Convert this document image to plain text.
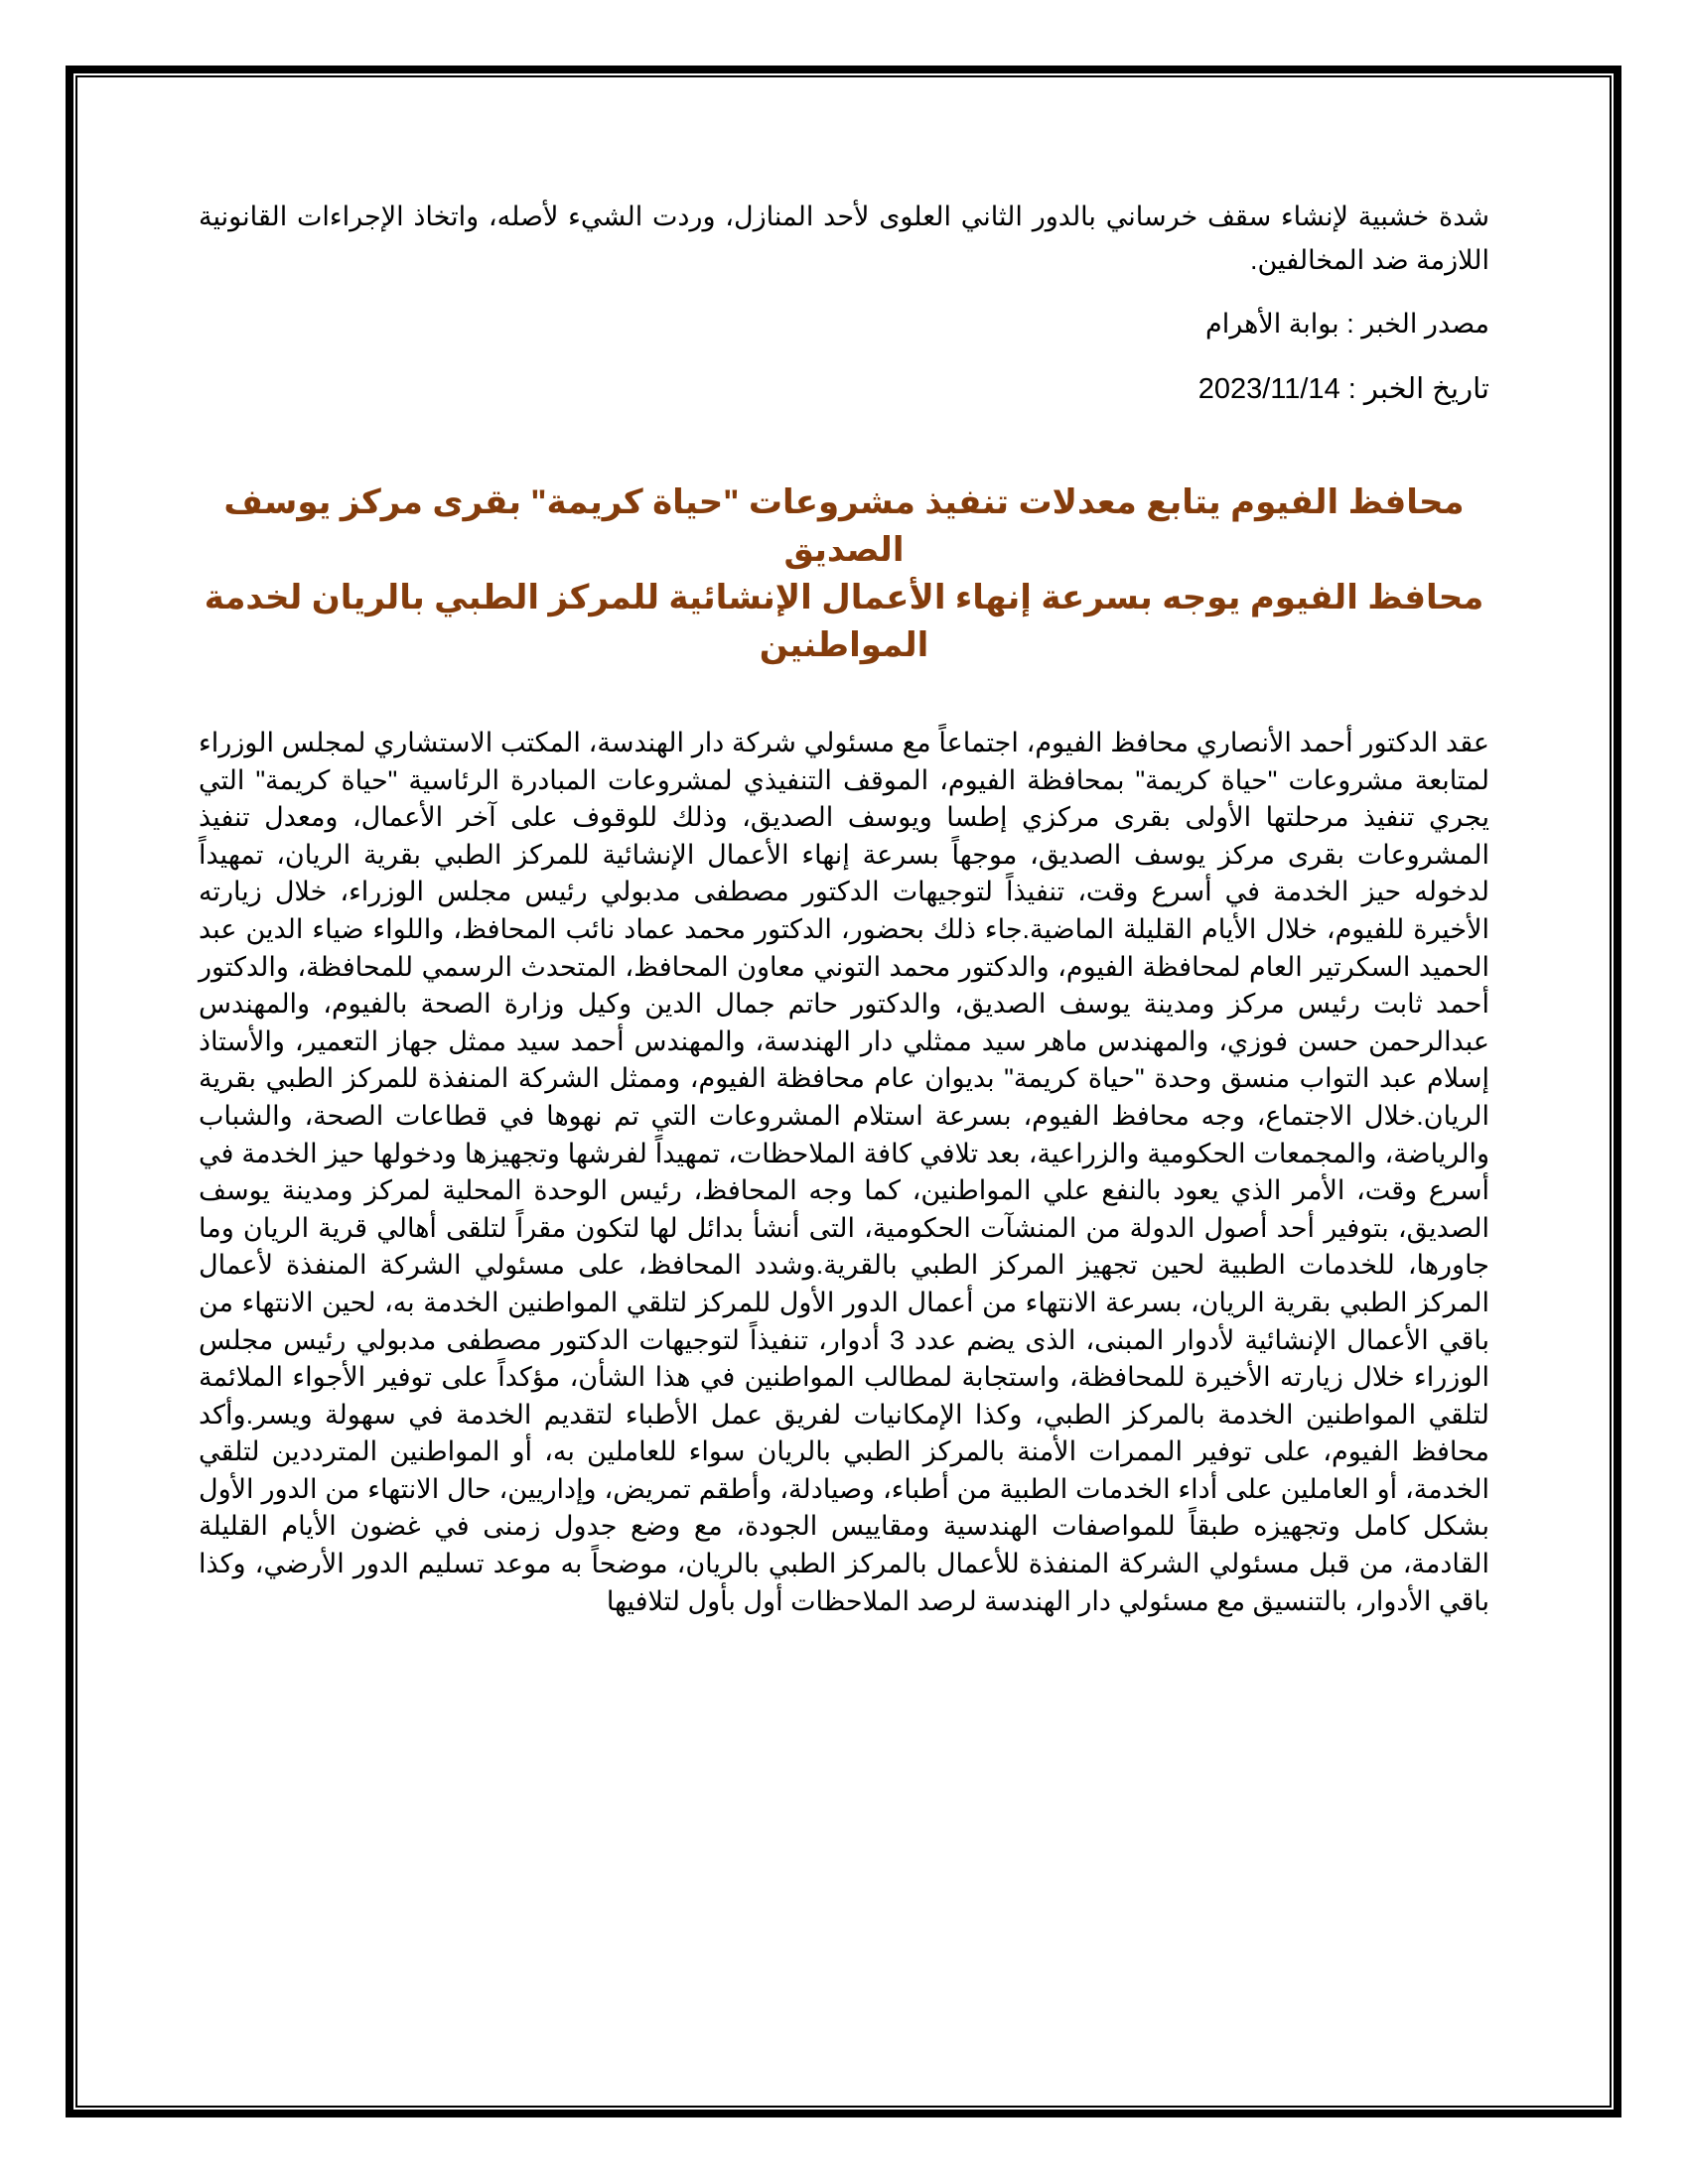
شدة خشبية لإنشاء سقف خرساني بالدور الثاني العلوى لأحد المنازل، وردت الشيء لأصله، واتخاذ الإجراءات القانونية اللازمة ضد المخالفين.

مصدر الخبر : بوابة الأهرام

تاريخ الخبر : 2023/11/14

محافظ الفيوم يتابع معدلات تنفيذ مشروعات "حياة كريمة" بقرى مركز يوسف الصديق
محافظ الفيوم يوجه بسرعة إنهاء الأعمال الإنشائية للمركز الطبي بالريان لخدمة المواطنين

عقد الدكتور أحمد الأنصاري محافظ الفيوم، اجتماعاً مع مسئولي شركة دار الهندسة، المكتب الاستشاري لمجلس الوزراء لمتابعة مشروعات "حياة كريمة" بمحافظة الفيوم، الموقف التنفيذي لمشروعات المبادرة الرئاسية "حياة كريمة" التي يجري تنفيذ مرحلتها الأولى بقرى مركزي إطسا ويوسف الصديق، وذلك للوقوف على آخر الأعمال، ومعدل تنفيذ المشروعات بقرى مركز يوسف الصديق، موجهاً بسرعة إنهاء الأعمال الإنشائية للمركز الطبي بقرية الريان، تمهيداً لدخوله حيز الخدمة في أسرع وقت، تنفيذاً لتوجيهات الدكتور مصطفى مدبولي رئيس مجلس الوزراء، خلال زيارته الأخيرة للفيوم، خلال الأيام القليلة الماضية.جاء ذلك بحضور، الدكتور محمد عماد نائب المحافظ، واللواء ضياء الدين عبد الحميد السكرتير العام لمحافظة الفيوم، والدكتور محمد التوني معاون المحافظ، المتحدث الرسمي للمحافظة، والدكتور أحمد ثابت رئيس مركز ومدينة يوسف الصديق، والدكتور حاتم جمال الدين وكيل وزارة الصحة بالفيوم، والمهندس عبدالرحمن حسن فوزي، والمهندس ماهر سيد ممثلي دار الهندسة، والمهندس أحمد سيد ممثل جهاز التعمير، والأستاذ إسلام عبد التواب منسق وحدة "حياة كريمة" بديوان عام محافظة الفيوم، وممثل الشركة المنفذة للمركز الطبي بقرية الريان.خلال الاجتماع، وجه محافظ الفيوم، بسرعة استلام المشروعات التي تم نهوها في قطاعات الصحة، والشباب والرياضة، والمجمعات الحكومية والزراعية، بعد تلافي كافة الملاحظات، تمهيداً لفرشها وتجهيزها ودخولها حيز الخدمة في أسرع وقت، الأمر الذي يعود بالنفع علي المواطنين، كما وجه المحافظ، رئيس الوحدة المحلية لمركز ومدينة يوسف الصديق، بتوفير أحد أصول الدولة من المنشآت الحكومية، التى أنشأ بدائل لها لتكون مقراً لتلقى أهالي قرية الريان وما جاورها، للخدمات الطبية لحين تجهيز المركز الطبي بالقرية.وشدد المحافظ، على مسئولي الشركة المنفذة لأعمال المركز الطبي بقرية الريان، بسرعة الانتهاء من أعمال الدور الأول للمركز لتلقي المواطنين الخدمة به، لحين الانتهاء من باقي الأعمال الإنشائية لأدوار المبنى، الذى يضم عدد 3 أدوار، تنفيذاً لتوجيهات الدكتور مصطفى مدبولي رئيس مجلس الوزراء خلال زيارته الأخيرة للمحافظة، واستجابة لمطالب المواطنين في هذا الشأن، مؤكداً على توفير الأجواء الملائمة لتلقي المواطنين الخدمة بالمركز الطبي، وكذا الإمكانيات لفريق عمل الأطباء لتقديم الخدمة في سهولة ويسر.وأكد محافظ الفيوم، على توفير الممرات الأمنة بالمركز الطبي بالريان سواء للعاملين به، أو المواطنين المترددين لتلقي الخدمة، أو العاملين على أداء الخدمات الطبية من أطباء، وصيادلة، وأطقم تمريض، وإداريين، حال الانتهاء من الدور الأول بشكل كامل وتجهيزه طبقاً للمواصفات الهندسية ومقاييس الجودة، مع وضع جدول زمنى في غضون الأيام القليلة القادمة، من قبل مسئولي الشركة المنفذة للأعمال بالمركز الطبي بالريان، موضحاً به موعد تسليم الدور الأرضي، وكذا باقي الأدوار، بالتنسيق مع مسئولي دار الهندسة لرصد الملاحظات أول بأول لتلافيها
